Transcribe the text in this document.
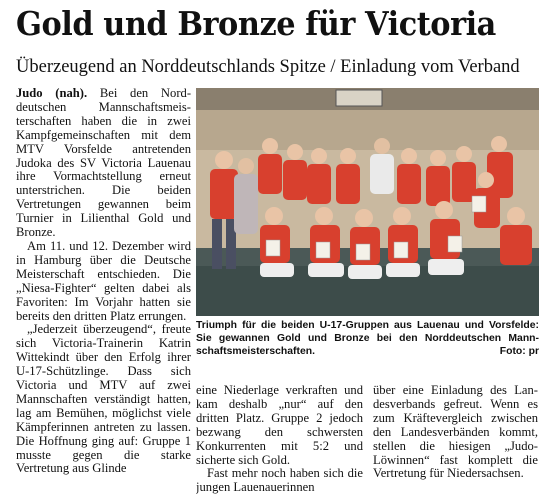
Gold und Bronze für Victoria
Überzeugend an Norddeutschlands Spitze / Einladung vom Verband

Judo (nah). Bei den Norddeutschen Mannschaftsmeisterschaften haben die in zwei Kampfgemeinschaften mit dem MTV Vorsfelde antretenden Judoka des SV Victoria Lauenau ihre Vormachtstellung erneut unterstrichen. Die beiden Vertretungen gewannen beim Turnier in Lilienthal Gold und Bronze.

Am 11. und 12. Dezember wird in Hamburg über die Deutsche Meisterschaft entschieden. Die „Niesa-Fighter“ gelten dabei als Favoriten: Im Vorjahr hatten sie bereits den dritten Platz errungen.

„Jederzeit überzeugend“, freute sich Victoria-Trainerin Katrin Wittekindt über den Erfolg ihrer U-17-Schützlinge. Dass sich Victoria und MTV auf zwei Mannschaften verständigt hatten, lag am Bemühen, möglichst viele Kämpferinnen antreten zu lassen. Die Hoffnung ging auf: Gruppe 1 musste gegen die starke Vertretung aus Glinde

Triumph für die beiden U-17-Gruppen aus Lauenau und Vorsfelde: Sie gewannen Gold und Bronze bei den Norddeutschen Mannschaftsmeisterschaften.	Foto: pr

eine Niederlage verkraften und kam deshalb „nur“ auf den dritten Platz. Gruppe 2 jedoch bezwang den schwersten Konkurrenten mit 5:2 und sicherte sich Gold.

Fast mehr noch haben sich die jungen Lauenauerinnen

über eine Einladung des Landesverbands gefreut. Wenn es zum Kräftevergleich zwischen den Landesverbänden kommt, stellen die hiesigen „Judo-Löwinnen“ fast komplett die Vertretung für Niedersachsen.
